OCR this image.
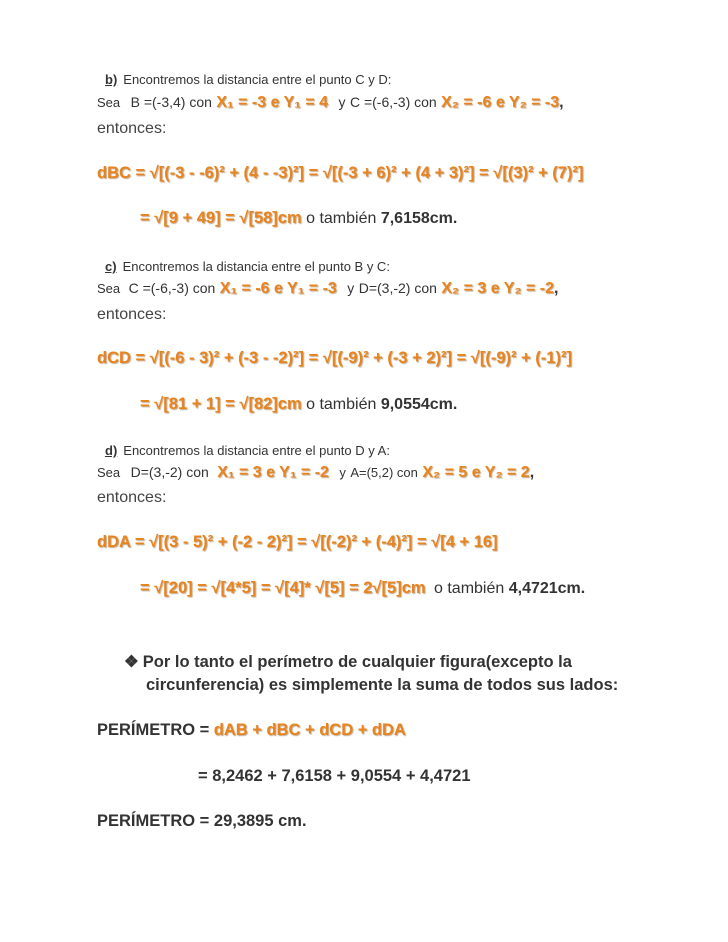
b) Encontremos la distancia entre el punto C y D:
Sea B =(-3,4) con X₁ = -3 e Y₁ = 4 y C =(-6,-3) con X₂ = -6 e Y₂ = -3,
entonces:
dBC = √[(-3 - -6)² + (4 - -3)²] = √[(-3 + 6)² + (4 + 3)²] = √[(3)² + (7)²]
= √[9 + 49] = √[58]cm o también 7,6158cm.
c) Encontremos la distancia entre el punto B y C:
Sea C =(-6,-3) con X₁ = -6 e Y₁ = -3 y D=(3,-2) con X₂ = 3 e Y₂ = -2,
entonces:
dCD = √[(-6 - 3)² + (-3 - -2)²] = √[(-9)² + (-3 + 2)²] = √[(-9)² + (-1)²]
= √[81 + 1] = √[82]cm o también 9,0554cm.
d) Encontremos la distancia entre el punto D y A:
Sea D=(3,-2) con X₁ = 3 e Y₁ = -2 y A=(5,2) con X₂ = 5 e Y₂ = 2,
entonces:
dDA = √[(3 - 5)² + (-2 - 2)²] = √[(-2)² + (-4)²] = √[4 + 16]
= √[20] = √[4*5] = √[4]* √[5] = 2√[5]cm o también 4,4721cm.
❖ Por lo tanto el perímetro de cualquier figura(excepto la
circunferencia) es simplemente la suma de todos sus lados:
PERÍMETRO = dAB + dBC + dCD + dDA
= 8,2462 + 7,6158 + 9,0554 + 4,4721
PERÍMETRO = 29,3895 cm.
